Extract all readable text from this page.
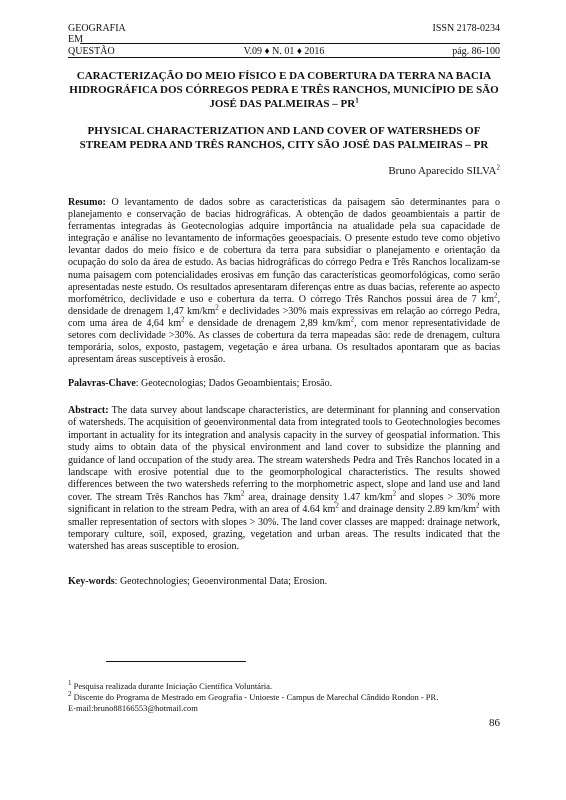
GEOGRAFIA	ISSN 2178-0234
EM
QUESTÃO	V.09 ♦ N. 01 ♦ 2016	pág. 86-100
CARACTERIZAÇÃO DO MEIO FÍSICO E DA COBERTURA DA TERRA NA BACIA HIDROGRÁFICA DOS CÓRREGOS PEDRA E TRÊS RANCHOS, MUNICÍPIO DE SÃO JOSÉ DAS PALMEIRAS – $PR^1$
PHYSICAL CHARACTERIZATION AND LAND COVER OF WATERSHEDS OF STREAM PEDRA AND TRÊS RANCHOS, CITY SÃO JOSÉ DAS PALMEIRAS – PR
Bruno Aparecido SILVA$^2$
Resumo: O levantamento de dados sobre as características da paisagem são determinantes para o planejamento e conservação de bacias hidrográficas. A obtenção de dados geoambientais a partir de ferramentas integradas às Geotecnologias adquire importância na atualidade pela sua capacidade de integração e análise no levantamento de informações geoespaciais. O presente estudo teve como objetivo levantar dados do meio físico e de cobertura da terra para subsidiar o planejamento e orientação da ocupação do solo da área de estudo. As bacias hidrográficas do córrego Pedra e Três Ranchos localizam-se numa paisagem com potencialidades erosivas em função das características geomorfológicas, como serão apresentadas neste estudo. Os resultados apresentaram diferenças entre as duas bacias, referente ao aspecto morfométrico, declividade e uso e cobertura da terra. O córrego Três Ranchos possui área de 7 $km^2$, densidade de drenagem 1,47 $km/km^2$ e declividades >30% mais expressivas em relação ao córrego Pedra, com uma área de 4,64 $km^2$ e densidade de drenagem 2,89 $km/km^2$, com menor representatividade de setores com declividade >30%. As classes de cobertura da terra mapeadas são: rede de drenagem, cultura temporária, solos, exposto, pastagem, vegetação e área urbana. Os resultados apontaram que as bacias apresentam áreas susceptíveis à erosão.
Palavras-Chave: Geotecnologias; Dados Geoambientais; Erosão.
Abstract: The data survey about landscape characteristics, are determinant for planning and conservation of watersheds. The acquisition of geoenvironmental data from integrated tools to Geotechnologies becomes important in actuality for its integration and analysis capacity in the survey of geospatial information. This study aims to obtain data of the physical environment and land cover to subsidize the planning and guidance of land occupation of the study area. The stream watersheds Pedra and Três Ranchos located in a landscape with erosive potential due to the geomorphological characteristics. The results showed differences between the two watersheds referring to the morphometric aspect, slope and land use and land cover. The stream Três Ranchos has $7km^2$ area, drainage density 1.47 $km/km^2$ and slopes > 30% more significant in relation to the stream Pedra, with an area of 4.64 $km^2$ and drainage density 2.89 $km/km^2$ with smaller representation of sectors with slopes > 30%. The land cover classes are mapped: drainage network, temporary culture, soil, exposed, grazing, vegetation and urban areas. The results indicated that the watershed has areas susceptible to erosion.
Key-words: Geotechnologies; Geoenvironmental Data; Erosion.
$^1$ Pesquisa realizada durante Iniciação Científica Voluntária.
$^2$ Discente do Programa de Mestrado em Geografia - Unioeste - Campus de Marechal Cândido Rondon - PR.
E-mail:bruno88166553@hotmail.com
86
